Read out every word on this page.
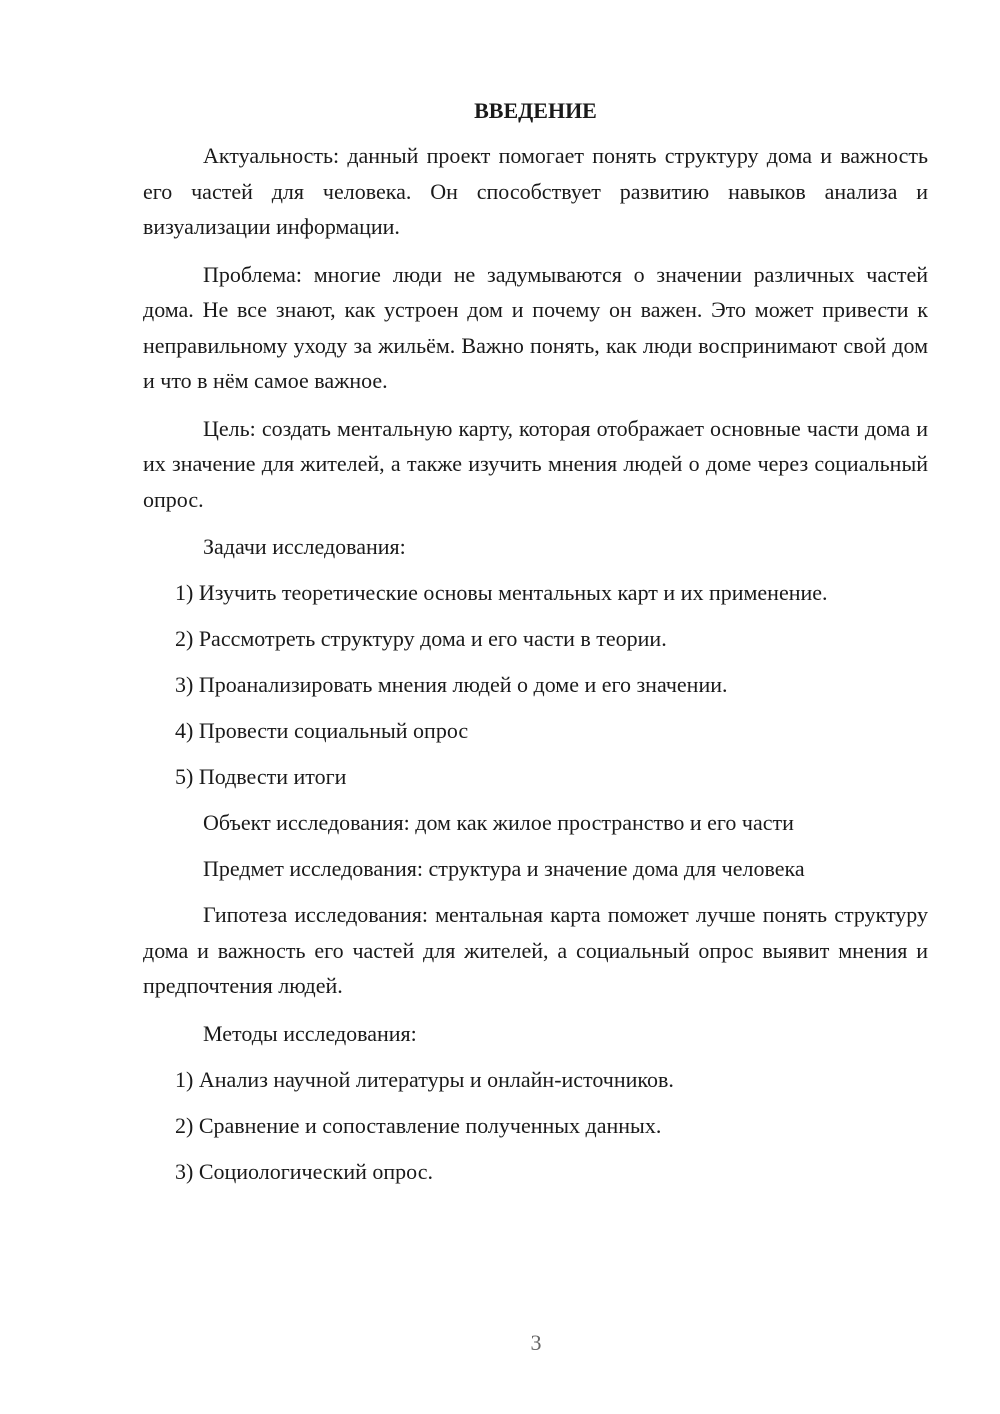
ВВЕДЕНИЕ

Актуальность: данный проект помогает понять структуру дома и важность его частей для человека. Он способствует развитию навыков анализа и визуализации информации.

Проблема: многие люди не задумываются о значении различных частей дома. Не все знают, как устроен дом и почему он важен. Это может привести к неправильному уходу за жильём. Важно понять, как люди воспринимают свой дом и что в нём самое важное.

Цель: создать ментальную карту, которая отображает основные части дома и их значение для жителей, а также изучить мнения людей о доме через социальный опрос.

Задачи исследования:

1) Изучить теоретические основы ментальных карт и их применение.
2) Рассмотреть структуру дома и его части в теории.
3) Проанализировать мнения людей о доме и его значении.
4) Провести социальный опрос
5) Подвести итоги

Объект исследования: дом как жилое пространство и его части

Предмет исследования: структура и значение дома для человека

Гипотеза исследования: ментальная карта поможет лучше понять структуру дома и важность его частей для жителей, а социальный опрос выявит мнения и предпочтения людей.

Методы исследования:

1) Анализ научной литературы и онлайн-источников.
2) Сравнение и сопоставление полученных данных.
3) Социологический опрос.
3
